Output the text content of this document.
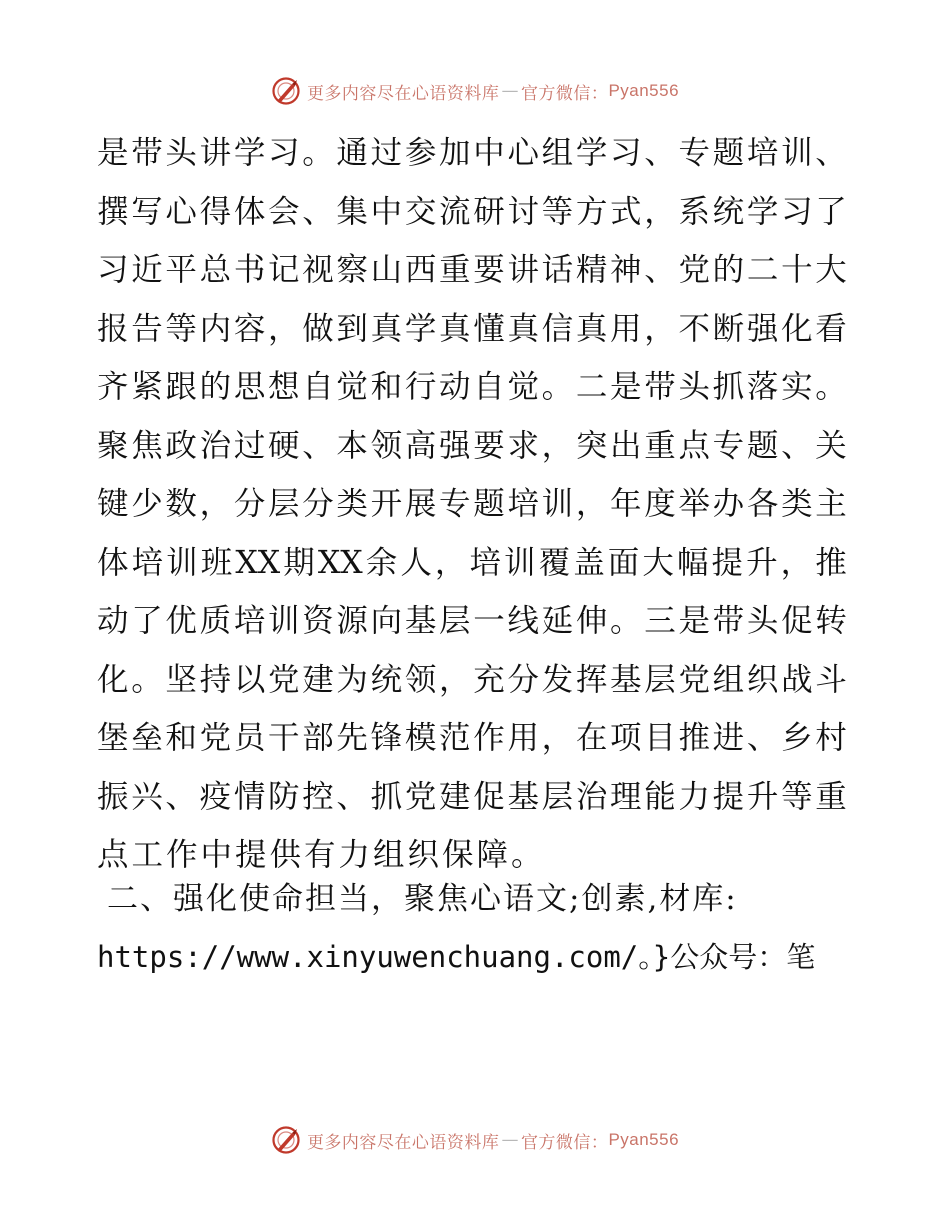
更多内容尽在心语资料库 — 官方微信： Pyan556
是 带 头 讲 学 习 。 通 过 参 加 中 心 组 学 习 、 专 题 培 训 、
撰 写 心 得 体 会 、 集 中 交 流 研 讨 等 方 式 ， 系 统 学 习 了
习 近 平 总 书 记 视 察 山 西 重 要 讲 话 精 神 、 党 的 二 十 大
报 告 等 内 容 ， 做 到 真 学 真 懂 真 信 真 用 ， 不 断 强 化 看
齐 紧 跟 的 思 想 自 觉 和 行 动 自 觉 。 二 是 带 头 抓 落 实 。
聚 焦 政 治 过 硬 、 本 领 高 强 要 求 ， 突 出 重 点 专 题 、 关
键 少 数 ， 分 层 分 类 开 展 专 题 培 训 ， 年 度 举 办 各 类 主
体 培 训 班 XX 期 XX 余 人 ， 培 训 覆 盖 面 大 幅 提 升 ， 推
动 了 优 质 培 训 资 源 向 基 层 一 线 延 伸 。 三 是 带 头 促 转
化 。 坚 持 以 党 建 为 统 领 ， 充 分 发 挥 基 层 党 组 织 战 斗
堡 垒 和 党 员 干 部 先 锋 模 范 作 用 ， 在 项 目 推 进 、 乡 村
振 兴 、 疫 情 防 控 、 抓 党 建 促 基 层 治 理 能 力 提 升 等 重
点工作中提供有力组织保障。
二、强化使命担当，聚焦心语文;创素,材库:
https://www.xinyuwenchuang.com/。}公众号：笔
更多内容尽在心语资料库 — 官方微信： Pyan556
